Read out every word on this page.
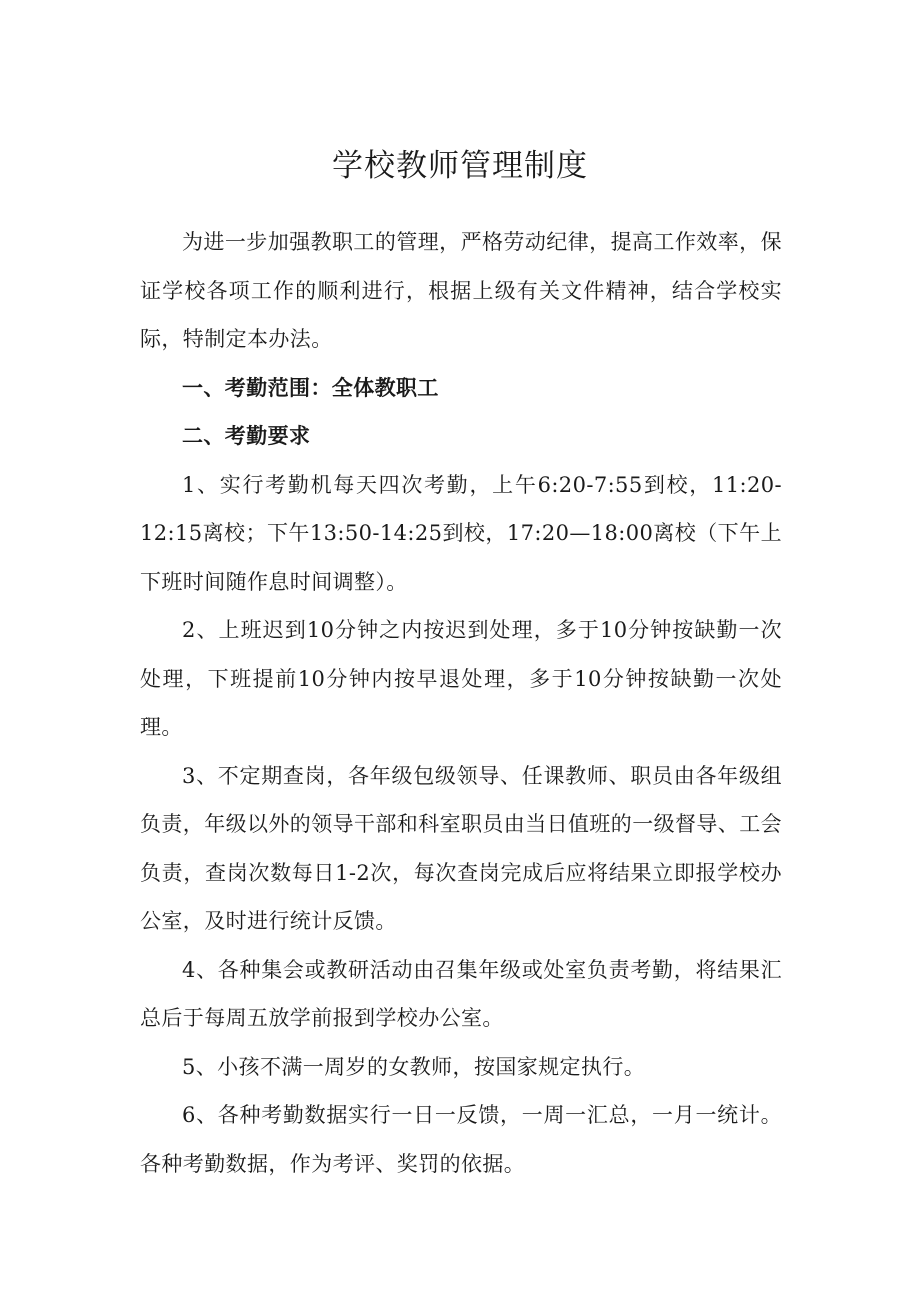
学校教师管理制度

为进一步加强教职工的管理，严格劳动纪律，提高工作效率，保证学校各项工作的顺利进行，根据上级有关文件精神，结合学校实际，特制定本办法。

一、考勤范围：全体教职工

二、考勤要求

1、实行考勤机每天四次考勤，上午6:20-7:55到校，11:20-12:15离校；下午13:50-14:25到校，17:20—18:00离校（下午上下班时间随作息时间调整）。

2、上班迟到10分钟之内按迟到处理，多于10分钟按缺勤一次处理，下班提前10分钟内按早退处理，多于10分钟按缺勤一次处理。

3、不定期查岗，各年级包级领导、任课教师、职员由各年级组负责，年级以外的领导干部和科室职员由当日值班的一级督导、工会负责，查岗次数每日1-2次，每次查岗完成后应将结果立即报学校办公室，及时进行统计反馈。

4、各种集会或教研活动由召集年级或处室负责考勤，将结果汇总后于每周五放学前报到学校办公室。

5、小孩不满一周岁的女教师，按国家规定执行。

6、各种考勤数据实行一日一反馈，一周一汇总，一月一统计。各种考勤数据，作为考评、奖罚的依据。
